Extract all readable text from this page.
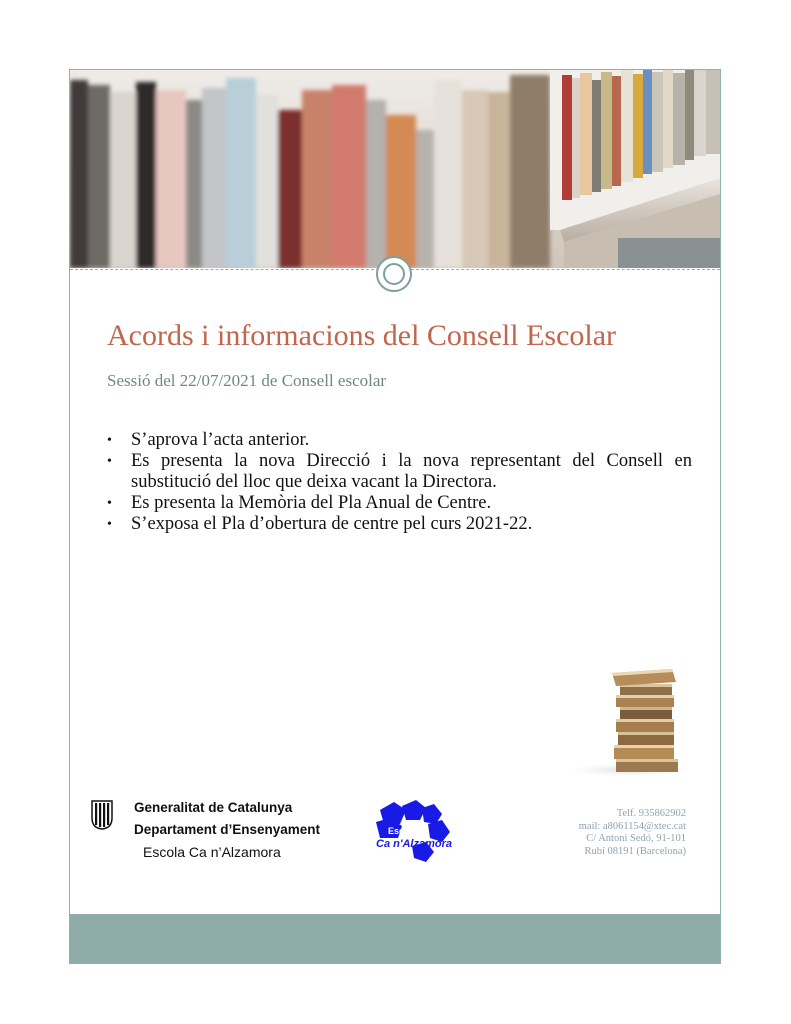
Acords i informacions del Consell Escolar

Sessió del 22/07/2021 de Consell escolar

• S’aprova l’acta anterior.
• Es presenta la nova Direcció i la nova representant del Consell en substitució del lloc que deixa vacant la Directora.
• Es presenta la Memòria del Pla Anual de Centre.
• S’exposa el Pla d’obertura de centre pel curs 2021-22.
Generalitat de Catalunya
Departament d’Ensenyament
Escola Ca n’Alzamora
Escola
Ca n'Alzamora
Telf. 935862902
mail: a8061154@xtec.cat
C/ Antoni Sedó, 91-101
Rubí 08191 (Barcelona)
